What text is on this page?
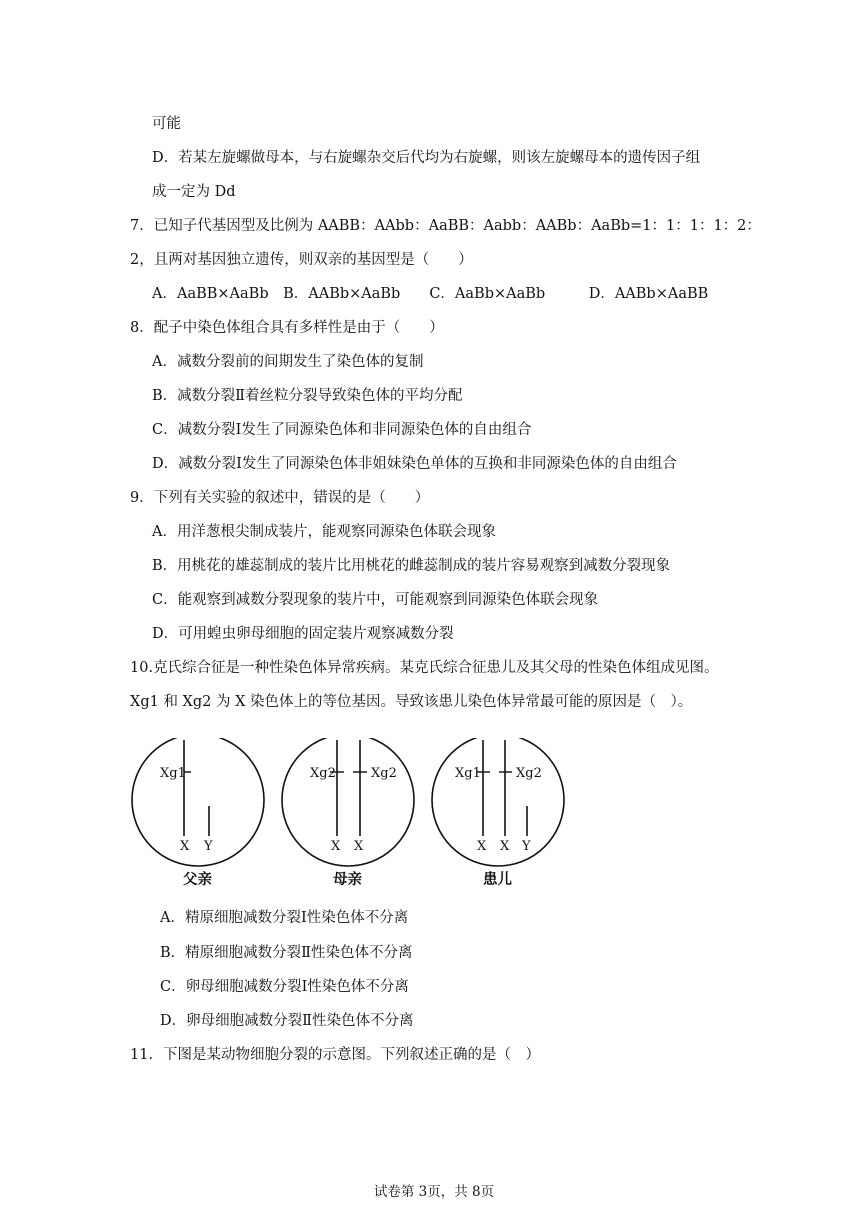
可能
D．若某左旋螺做母本，与右旋螺杂交后代均为右旋螺，则该左旋螺母本的遗传因子组
成一定为 Dd
7．已知子代基因型及比例为 AABB：AAbb：AaBB：Aabb：AABb：AaBb=1：1：1：1：2：
2，且两对基因独立遗传，则双亲的基因型是（　　）
A．AaBB×AaBb　B．AABb×AaBb　　C．AaBb×AaBb　　　D．AABb×AaBB
8．配子中染色体组合具有多样性是由于（　　）
A．减数分裂前的间期发生了染色体的复制
B．减数分裂Ⅱ着丝粒分裂导致染色体的平均分配
C．减数分裂Ⅰ发生了同源染色体和非同源染色体的自由组合
D．减数分裂Ⅰ发生了同源染色体非姐妹染色单体的互换和非同源染色体的自由组合
9．下列有关实验的叙述中，错误的是（　　）
A．用洋葱根尖制成装片，能观察同源染色体联会现象
B．用桃花的雄蕊制成的装片比用桃花的雌蕊制成的装片容易观察到减数分裂现象
C．能观察到减数分裂现象的装片中，可能观察到同源染色体联会现象
D．可用蝗虫卵母细胞的固定装片观察减数分裂
10.克氏综合征是一种性染色体异常疾病。某克氏综合征患儿及其父母的性染色体组成见图。
Xg1 和 Xg2 为 X 染色体上的等位基因。导致该患儿染色体异常最可能的原因是（　）。
Xg1
X Y
父亲
Xg2	Xg2
X X
母亲
Xg1	Xg2
X X Y
患儿
A．精原细胞减数分裂Ⅰ性染色体不分离
B．精原细胞减数分裂Ⅱ性染色体不分离
C．卵母细胞减数分裂Ⅰ性染色体不分离
D．卵母细胞减数分裂Ⅱ性染色体不分离
11．下图是某动物细胞分裂的示意图。下列叙述正确的是（　）
试卷第 3页，共 8页
